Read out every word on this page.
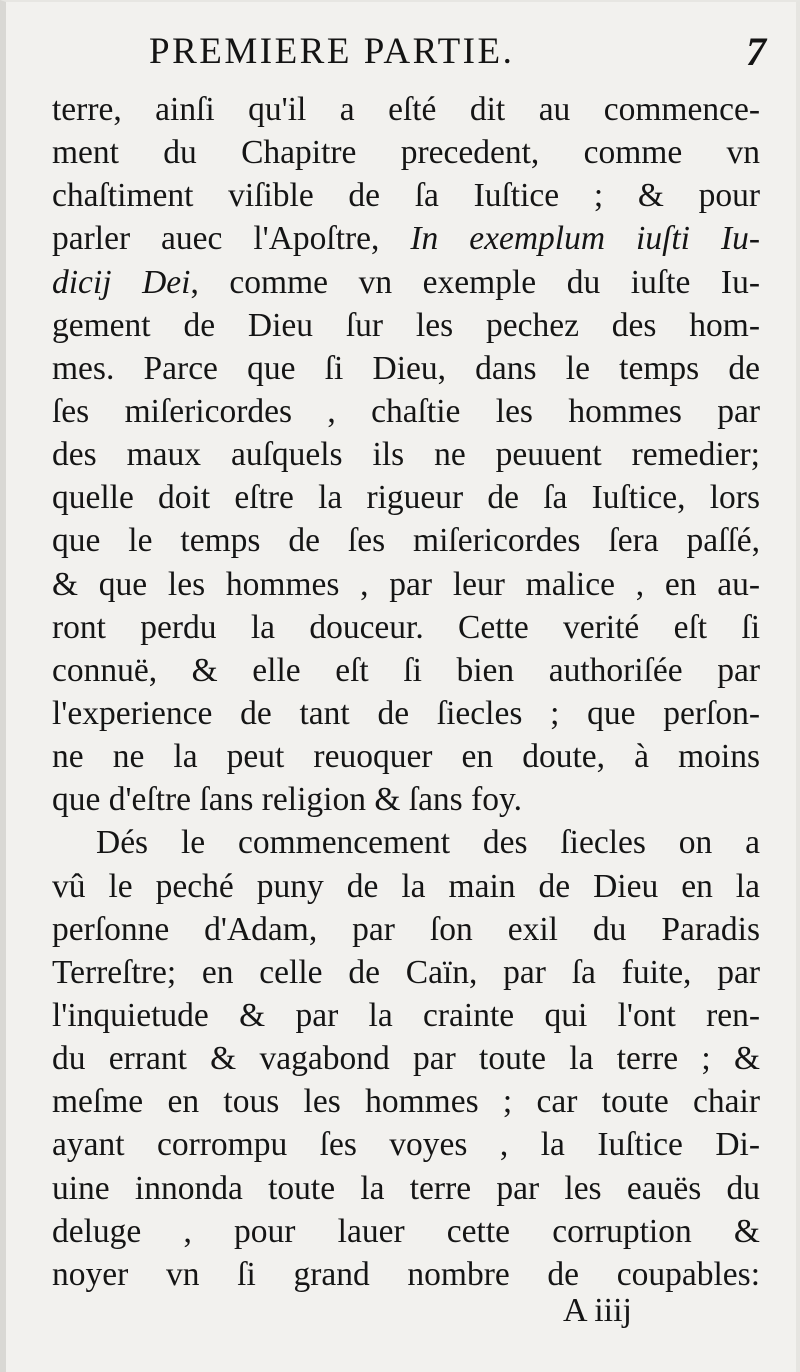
PREMIERE PARTIE.	7
terre, ainſi qu'il a eſté dit au commence-
ment du Chapitre precedent, comme vn
chaſtiment viſible de ſa Iuſtice ; & pour
parler auec l'Apoſtre, In exemplum iuſti Iu-
dicij Dei, comme vn exemple du iuſte Iu-
gement de Dieu ſur les pechez des hom-
mes. Parce que ſi Dieu, dans le temps de
ſes miſericordes , chaſtie les hommes par
des maux auſquels ils ne peuuent remedier;
quelle doit eſtre la rigueur de ſa Iuſtice, lors
que le temps de ſes miſericordes ſera paſſé,
& que les hommes , par leur malice , en au-
ront perdu la douceur. Cette verité eſt ſi
connuë, & elle eſt ſi bien authoriſée par
l'experience de tant de ſiecles ; que perſon-
ne ne la peut reuoquer en doute, à moins
que d'eſtre ſans religion & ſans foy.
Dés le commencement des ſiecles on a
vû le peché puny de la main de Dieu en la
perſonne d'Adam, par ſon exil du Paradis
Terreſtre; en celle de Caïn, par ſa fuite, par
l'inquietude & par la crainte qui l'ont ren-
du errant & vagabond par toute la terre ; &
meſme en tous les hommes ; car toute chair
ayant corrompu ſes voyes , la Iuſtice Di-
uine innonda toute la terre par les eauës du
deluge , pour lauer cette corruption &
noyer vn ſi grand nombre de coupables:
A iiij
